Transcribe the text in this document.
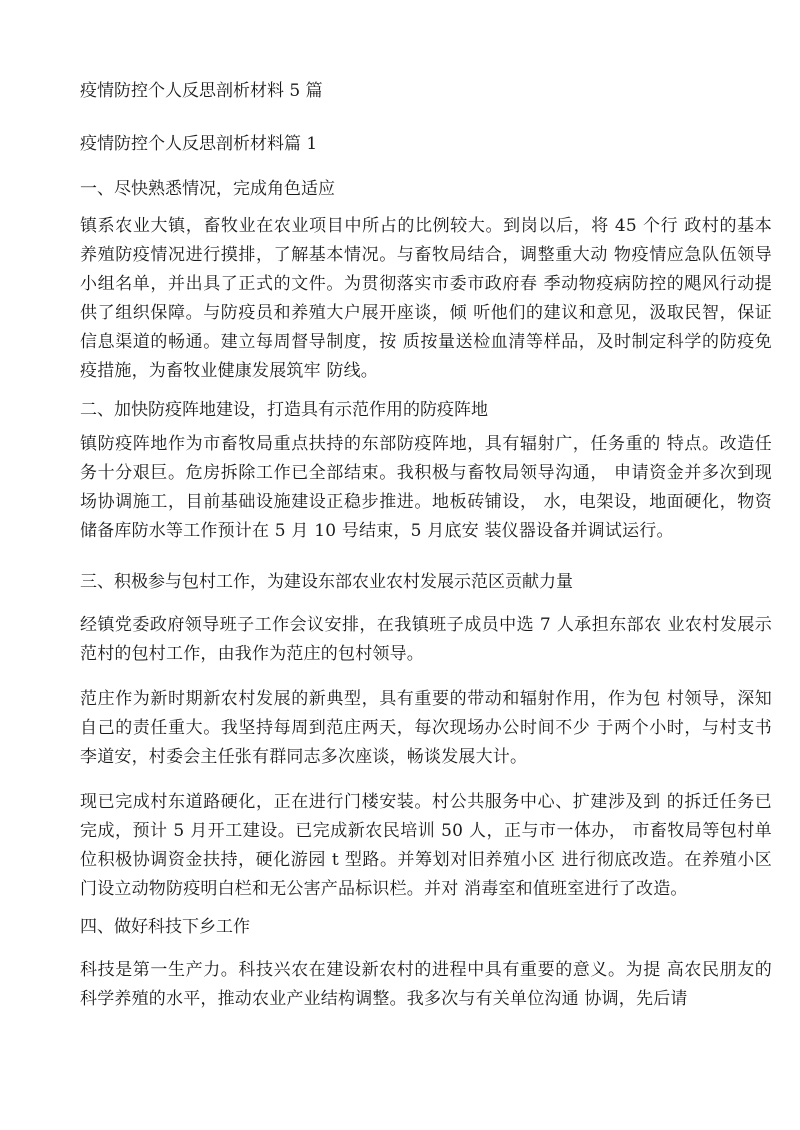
疫情防控个人反思剖析材料 5 篇

疫情防控个人反思剖析材料篇 1

一、尽快熟悉情况，完成角色适应

镇系农业大镇，畜牧业在农业项目中所占的比例较大。到岗以后，将 45 个行 政村的基本养殖防疫情况进行摸排，了解基本情况。与畜牧局结合，调整重大动 物疫情应急队伍领导小组名单，并出具了正式的文件。为贯彻落实市委市政府春 季动物疫病防控的飓风行动提供了组织保障。与防疫员和养殖大户展开座谈，倾 听他们的建议和意见，汲取民智，保证信息渠道的畅通。建立每周督导制度，按 质按量送检血清等样品，及时制定科学的防疫免疫措施，为畜牧业健康发展筑牢 防线。

二、加快防疫阵地建设，打造具有示范作用的防疫阵地

镇防疫阵地作为市畜牧局重点扶持的东部防疫阵地，具有辐射广，任务重的 特点。改造任务十分艰巨。危房拆除工作已全部结束。我积极与畜牧局领导沟通， 申请资金并多次到现场协调施工，目前基础设施建设正稳步推进。地板砖铺设， 水，电架设，地面硬化，物资储备库防水等工作预计在 5 月 10 号结束，5 月底安 装仪器设备并调试运行。

三、积极参与包村工作，为建设东部农业农村发展示范区贡献力量

经镇党委政府领导班子工作会议安排，在我镇班子成员中选 7 人承担东部农 业农村发展示范村的包村工作，由我作为范庄的包村领导。

范庄作为新时期新农村发展的新典型，具有重要的带动和辐射作用，作为包 村领导，深知自己的责任重大。我坚持每周到范庄两天，每次现场办公时间不少 于两个小时，与村支书李道安，村委会主任张有群同志多次座谈，畅谈发展大计。

现已完成村东道路硬化，正在进行门楼安装。村公共服务中心、扩建涉及到 的拆迁任务已完成，预计 5 月开工建设。已完成新农民培训 50 人，正与市一体办， 市畜牧局等包村单位积极协调资金扶持，硬化游园 t 型路。并筹划对旧养殖小区 进行彻底改造。在养殖小区门设立动物防疫明白栏和无公害产品标识栏。并对 消毒室和值班室进行了改造。

四、做好科技下乡工作

科技是第一生产力。科技兴农在建设新农村的进程中具有重要的意义。为提 高农民朋友的科学养殖的水平，推动农业产业结构调整。我多次与有关单位沟通 协调，先后请
